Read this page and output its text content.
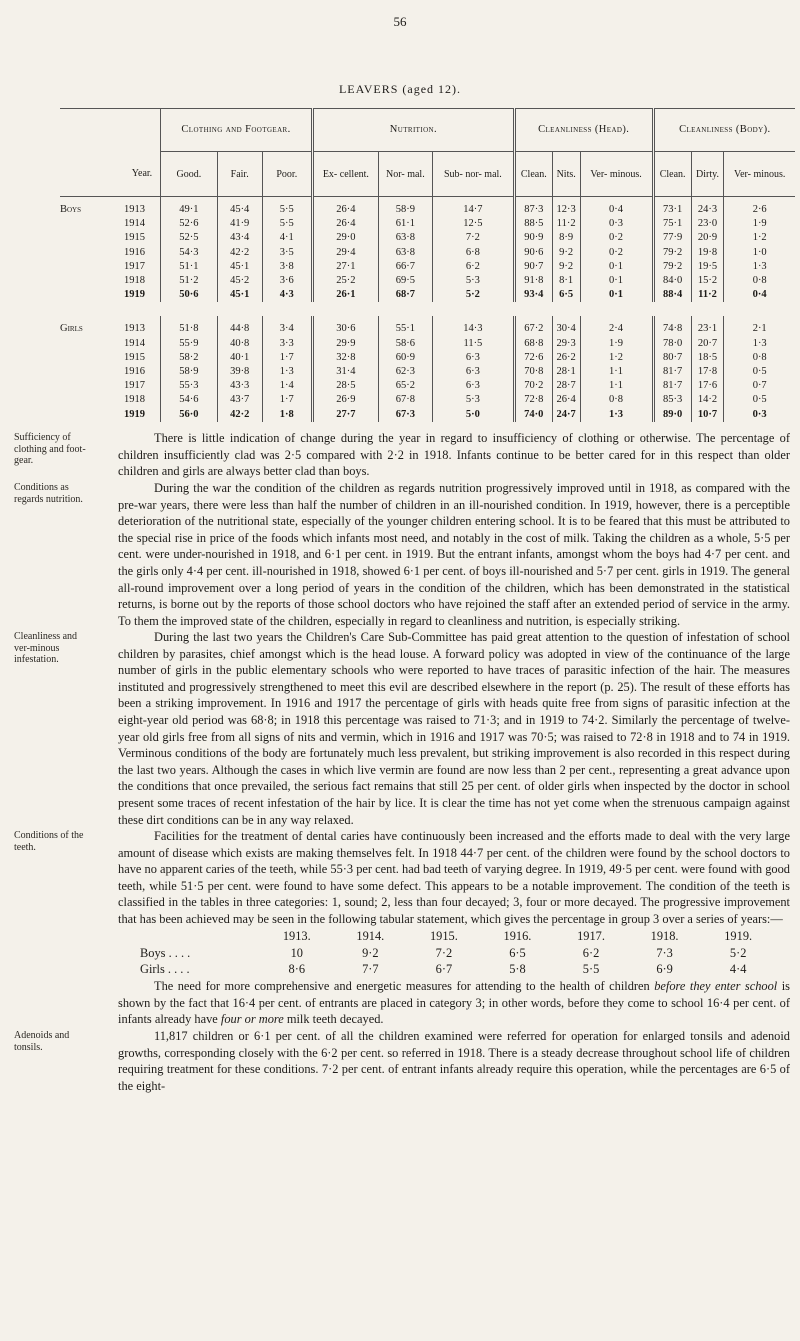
56
LEAVERS (aged 12).
		Clothing and Footgear.			Nutrition.			Cleanliness (Head).			Cleanliness (Body).		
	Year.	Good.	Fair.	Poor.	Ex- cellent.	Nor- mal.	Sub- nor- mal.	Clean.	Nits.	Ver- minous.	Clean.	Dirty.	Ver- minous.
Boys	1913	49·1	45·4	5·5	26·4	58·9	14·7	87·3	12·3	0·4	73·1	24·3	2·6
	1914	52·6	41·9	5·5	26·4	61·1	12·5	88·5	11·2	0·3	75·1	23·0	1·9
	1915	52·5	43·4	4·1	29·0	63·8	7·2	90·9	8·9	0·2	77·9	20·9	1·2
	1916	54·3	42·2	3·5	29·4	63·8	6·8	90·6	9·2	0·2	79·2	19·8	1·0
	1917	51·1	45·1	3·8	27·1	66·7	6·2	90·7	9·2	0·1	79·2	19·5	1·3
	1918	51·2	45·2	3·6	25·2	69·5	5·3	91·8	8·1	0·1	84·0	15·2	0·8
	1919	50·6	45·1	4·3	26·1	68·7	5·2	93·4	6·5	0·1	88·4	11·2	0·4

Girls	1913	51·8	44·8	3·4	30·6	55·1	14·3	67·2	30·4	2·4	74·8	23·1	2·1
	1914	55·9	40·8	3·3	29·9	58·6	11·5	68·8	29·3	1·9	78·0	20·7	1·3
	1915	58·2	40·1	1·7	32·8	60·9	6·3	72·6	26·2	1·2	80·7	18·5	0·8
	1916	58·9	39·8	1·3	31·4	62·3	6·3	70·8	28·1	1·1	81·7	17·8	0·5
	1917	55·3	43·3	1·4	28·5	65·2	6·3	70·2	28·7	1·1	81·7	17·6	0·7
	1918	54·6	43·7	1·7	26·9	67·8	5·3	72·8	26·4	0·8	85·3	14·2	0·5
	1919	56·0	42·2	1·8	27·7	67·3	5·0	74·0	24·7	1·3	89·0	10·7	0·3
Sufficiency of clothing and foot-gear.
Conditions as regards nutrition.
Cleanliness and ver-minous infestation.

There is little indication of change during the year in regard to insufficiency of clothing or otherwise. The percentage of children insufficiently clad was 2·5 compared with 2·2 in 1918. Infants continue to be better cared for in this respect than older children and girls are always better clad than boys.

During the war the condition of the children as regards nutrition progressively improved until in 1918, as compared with the pre-war years, there were less than half the number of children in an ill-nourished condition. In 1919, however, there is a perceptible deterioration of the nutritional state, especially of the younger children entering school. It is to be feared that this must be attributed to the special rise in price of the foods which infants most need, and notably in the cost of milk. Taking the children as a whole, 5·5 per cent. were under-nourished in 1918, and 6·1 per cent. in 1919. But the entrant infants, amongst whom the boys had 4·7 per cent. and the girls only 4·4 per cent. ill-nourished in 1918, showed 6·1 per cent. of boys ill-nourished and 5·7 per cent. girls in 1919. The general all-round improvement over a long period of years in the condition of the children, which has been demonstrated in the statistical returns, is borne out by the reports of those school doctors who have rejoined the staff after an extended period of service in the army. To them the improved state of the children, especially in regard to cleanliness and nutrition, is especially striking.

During the last two years the Children's Care Sub-Committee has paid great attention to the question of infestation of school children by parasites, chief amongst which is the head louse. A forward policy was adopted in view of the continuance of the large number of girls in the public elementary schools who were reported to have traces of parasitic infection of the hair. The measures instituted and progressively strengthened to meet this evil are described elsewhere in the report (p. 25). The result of these efforts has been a striking improvement. In 1916 and 1917 the percentage of girls with heads quite free from signs of parasitic infection at the eight-year old period was 68·8; in 1918 this percentage was raised to 71·3; and in 1919 to 74·2. Similarly the percentage of twelve-year old girls free from all signs of nits and vermin, which in 1916 and 1917 was 70·5; was raised to 72·8 in 1918 and to 74 in 1919. Verminous conditions of the body are fortunately much less prevalent, but striking improvement is also recorded in this respect during the last two years. Although the cases in which live vermin are found are now less than 2 per cent., representing a great advance upon the conditions that once prevailed, the serious fact remains that still 25 per cent. of older girls when inspected by the doctor in school present some traces of recent infestation of the hair by lice. It is clear the time has not yet come when the strenuous campaign against these dirt conditions can be in any way relaxed.

Conditions of the teeth.

Facilities for the treatment of dental caries have continuously been increased and the efforts made to deal with the very large amount of disease which exists are making themselves felt. In 1918 44·7 per cent. of the children were found by the school doctors to have no apparent caries of the teeth, while 55·3 per cent. had bad teeth of varying degree. In 1919, 49·5 per cent. were found with good teeth, while 51·5 per cent. were found to have some defect. This appears to be a notable improvement. The condition of the teeth is classified in the tables in three categories: 1, sound; 2, less than four decayed; 3, four or more decayed. The progressive improvement that has been achieved may be seen in the following tabular statement, which gives the percentage in group 3 over a series of years:—

	1913.	1914.	1915.	1916.	1917.	1918.	1919.
Boys . . . .	10	9·2	7·2	6·5	6·2	7·3	5·2
Girls . . . .	8·6	7·7	6·7	5·8	5·5	6·9	4·4

The need for more comprehensive and energetic measures for attending to the health of children before they enter school is shown by the fact that 16·4 per cent. of entrants are placed in category 3; in other words, before they come to school 16·4 per cent. of infants already have four or more milk teeth decayed.

Adenoids and tonsils.

11,817 children or 6·1 per cent. of all the children examined were referred for operation for enlarged tonsils and adenoid growths, corresponding closely with the 6·2 per cent. so referred in 1918. There is a steady decrease throughout school life of children requiring treatment for these conditions. 7·2 per cent. of entrant infants already require this operation, while the percentages are 6·5 of the eight-
